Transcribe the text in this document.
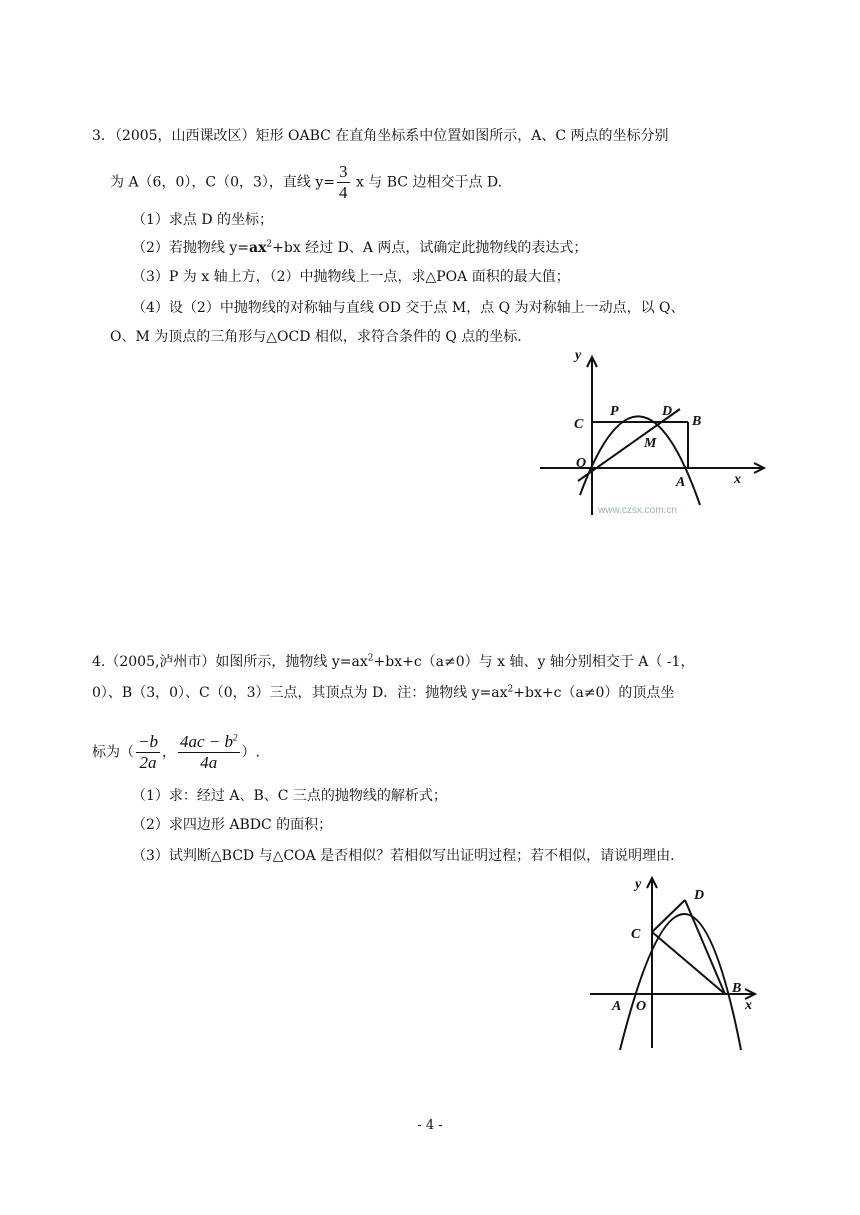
3．（2005，山西课改区）矩形 OABC 在直角坐标系中位置如图所示，A、C 两点的坐标分别
为 A（6，0），C（0，3），直线 $y= \frac{3}{4}$ x 与 BC 边相交于点 D.
（1）求点 D 的坐标；
（2）若抛物线 $y=ax^2+bx$ 经过 D、A 两点，试确定此抛物线的表达式；
（3）P 为 x 轴上方，（2）中抛物线上一点，求△POA 面积的最大值；
（4）设（2）中抛物线的对称轴与直线 OD 交于点 M，点 Q 为对称轴上一动点，以 Q、
O、M 为顶点的三角形与△OCD 相似，求符合条件的 Q 点的坐标.
y
x
C
P	D
B
M
O
A
www.czsx.com.cn
4.（2005,泸州市）如图所示，抛物线 $y=ax^2+bx+c(a\ne 0)$与 x 轴、y 轴分别相交于 A（ -1，
0）、B（3，0）、C（0，3）三点，其顶点为 D．注：抛物线 $y=ax^2+bx+c(a\ne 0)$的顶点坐
标为（ $\frac{-b}{2a}$ ， $\frac{4ac - b^2}{4a}$ ）.
（1）求：经过 A、B、C 三点的抛物线的解析式；
（2）求四边形 ABDC 的面积；
（3）试判断△BCD 与△COA 是否相似？若相似写出证明过程；若不相似，请说明理由.
y
x
C
D
B
A O
- 4 -
